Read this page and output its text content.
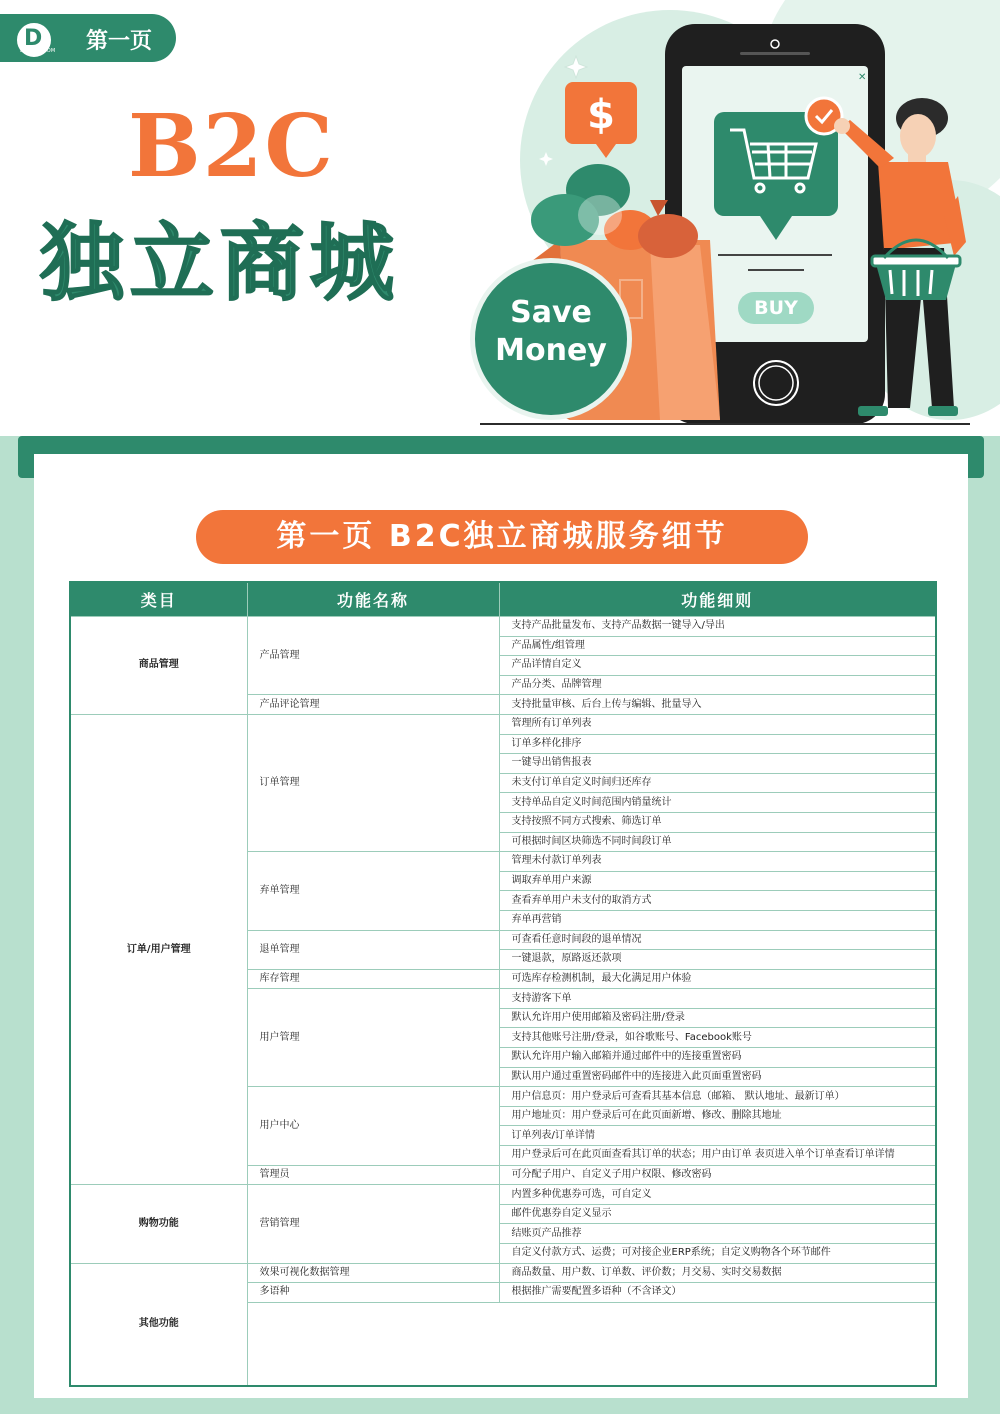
D
DIYISEO.COM 第一页
B2C
独立商城
$
✕
Save
Money
BUY
第一页 B2C独立商城服务细节
类目	功能名称	功能细则
商品管理	产品管理	支持产品批量发布、支持产品数据一键导入/导出
		产品属性/组管理
		产品详情自定义
		产品分类、品牌管理
	产品评论管理	支持批量审核、后台上传与编辑、批量导入
订单/用户管理	订单管理	管理所有订单列表
		订单多样化排序
		一键导出销售报表
		未支付订单自定义时间归还库存
		支持单品自定义时间范围内销量统计
		支持按照不同方式搜索、筛选订单
		可根据时间区块筛选不同时间段订单
	弃单管理	管理未付款订单列表
		调取弃单用户来源
		查看弃单用户未支付的取消方式
		弃单再营销
	退单管理	可查看任意时间段的退单情况
		一键退款，原路返还款项
	库存管理	可选库存检测机制，最大化满足用户体验
	用户管理	支持游客下单
		默认允许用户使用邮箱及密码注册/登录
		支持其他账号注册/登录，如谷歌账号、Facebook账号
		默认允许用户输入邮箱并通过邮件中的连接重置密码
		默认用户通过重置密码邮件中的连接进入此页面重置密码
	用户中心	用户信息页：用户登录后可查看其基本信息（邮箱、 默认地址、最新订单）
		用户地址页：用户登录后可在此页面新增、修改、删除其地址
		订单列表/订单详情
		用户登录后可在此页面查看其订单的状态；用户由订单 表页进入单个订单查看订单详情
	管理员	可分配子用户、自定义子用户权限、修改密码
购物功能	营销管理	内置多种优惠券可选，可自定义
		邮件优惠券自定义显示
		结账页产品推荐
		自定义付款方式、运费；可对接企业ERP系统；自定义购物各个环节邮件
其他功能	效果可视化数据管理	商品数量、用户数、订单数、评价数；月交易、实时交易数据
	多语种	根据推广需要配置多语种（不含译文）
